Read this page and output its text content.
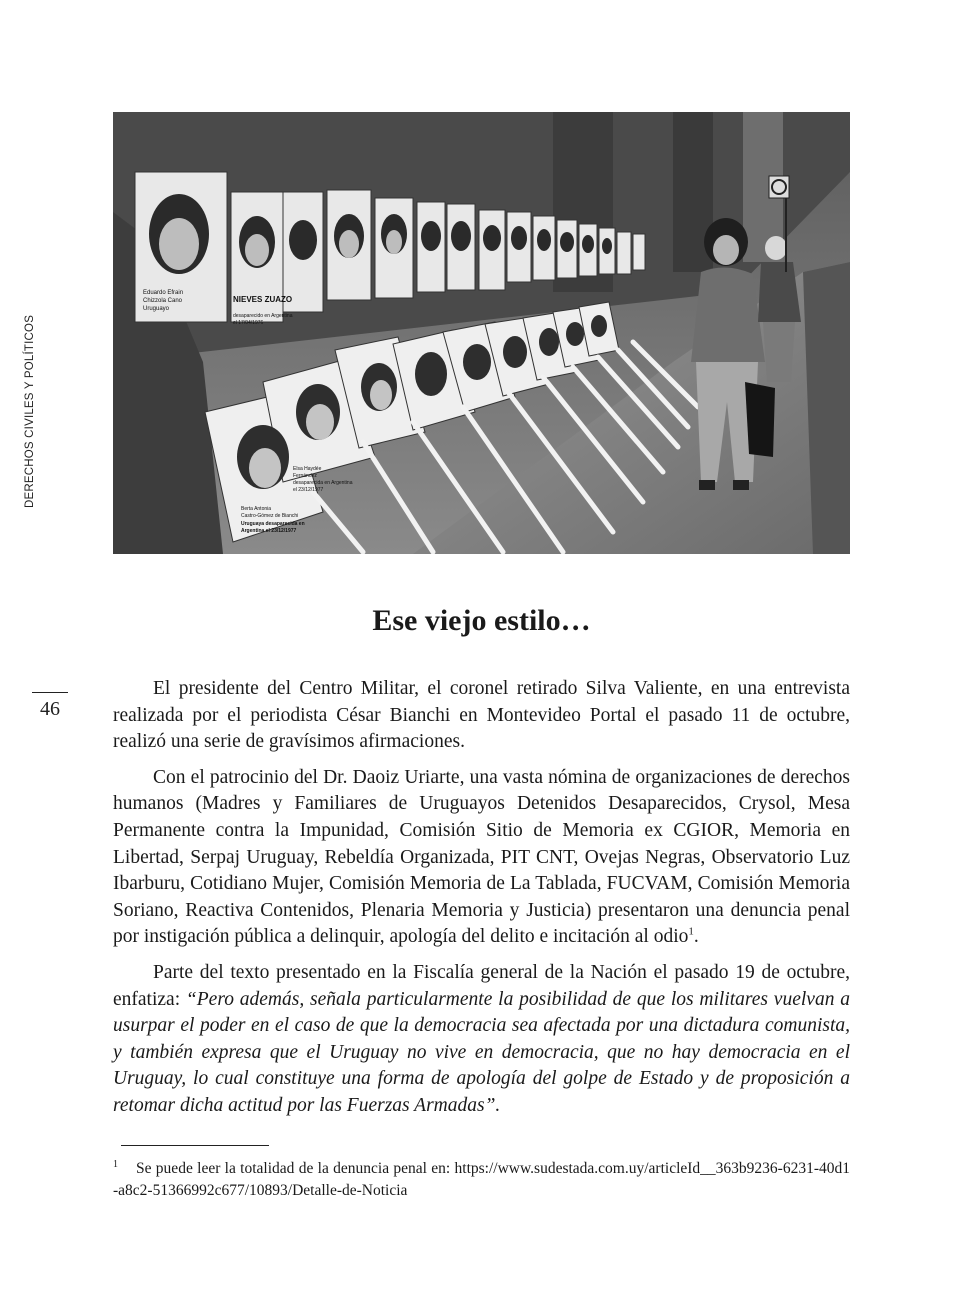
DERECHOS CIVILES Y POLÍTICOS
46
Eduardo Efrain
Chizzola Cano
Uruguayo
NIEVES ZUAZO
desaparecido en Argentina
el 17/04/1976
Elsa Haydée
Fernández
desaparecida en Argentina
el 23/12/1977
Berta Antonia
Castro-Gómez de Bianchi
Uruguaya desaparecida en
Argentina el 23/12/1977
Ese viejo estilo…

El presidente del Centro Militar, el coronel retirado Silva Valiente, en una entrevista realizada por el periodista César Bianchi en Montevideo Portal el pasado 11 de octubre, realizó una serie de gravísimos afirmaciones.

Con el patrocinio del Dr. Daoiz Uriarte, una vasta nómina de organizaciones de derechos humanos (Madres y Familiares de Uruguayos Detenidos Desaparecidos, Crysol, Mesa Permanente contra la Impunidad, Comisión Sitio de Memoria ex CGIOR, Memoria en Libertad, Serpaj Uruguay, Rebeldía Organizada, PIT CNT, Ovejas Negras, Observatorio Luz Ibarburu, Cotidiano Mujer, Comisión Memoria de La Tablada, FUCVAM, Comisión Memoria Soriano, Reactiva Contenidos, Plenaria Memoria y Justicia) presentaron una denuncia penal por instigación pública a delinquir, apología del delito e incitación al odio$^1$.

Parte del texto presentado en la Fiscalía general de la Nación el pasado 19 de octubre, enfatiza: “Pero además, señala particularmente la posibilidad de que los militares vuelvan a usurpar el poder en el caso de que la democracia sea afectada por una dictadura comunista, y también expresa que el Uruguay no vive en democracia, que no hay democracia en el Uruguay, lo cual constituye una forma de apología del golpe de Estado y de proposición a retomar dicha actitud por las Fuerzas Armadas”.

$^1$ Se puede leer la totalidad de la denuncia penal en: https://www.sudestada.com.uy/articleId__363b9236-6231-40d1-a8c2-51366992c677/10893/Detalle-de-Noticia
